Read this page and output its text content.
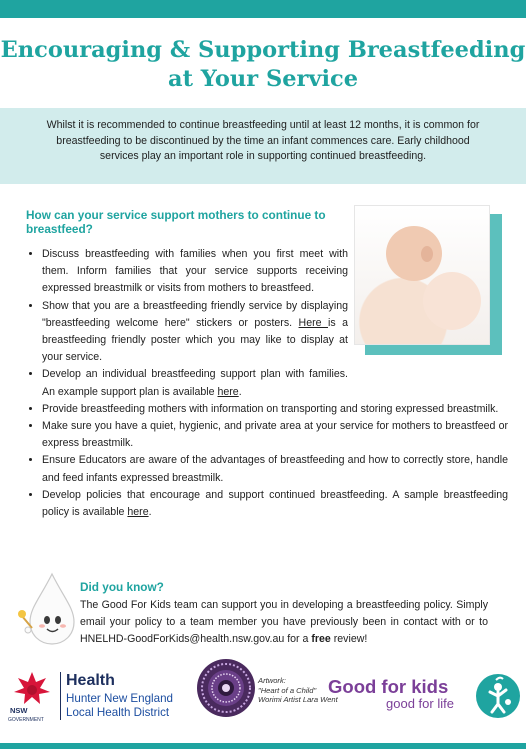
Encouraging & Supporting Breastfeeding at Your Service
Whilst it is recommended to continue breastfeeding until at least 12 months, it is common for breastfeeding to be discontinued by the time an infant commences care. Early childhood services play an important role in supporting continued breastfeeding.
How can your service support mothers to continue to breastfeed?
• Discuss breastfeeding with families when you first meet with them. Inform families that your service supports receiving expressed breastmilk or visits from mothers to breastfeed.
• Show that you are a breastfeeding friendly service by displaying "breastfeeding welcome here" stickers or posters. Here is a breastfeeding friendly poster which you may like to display at your service.
• Develop an individual breastfeeding support plan with families. An example support plan is available here.
• Provide breastfeeding mothers with information on transporting and storing expressed breastmilk.
• Make sure you have a quiet, hygienic, and private area at your service for mothers to breastfeed or express breastmilk.
• Ensure Educators are aware of the advantages of breastfeeding and how to correctly store, handle and feed infants expressed breastmilk.
• Develop policies that encourage and support continued breastfeeding. A sample breastfeeding policy is available here.
Did you know?
The Good For Kids team can support you in developing a breastfeeding policy. Simply email your policy to a team member you have previously been in contact with or to HNELHD-GoodForKids@health.nsw.gov.au for a free review!
NSW
GOVERNMENT
Health
Hunter New England
Local Health District
Artwork:
"Heart of a Child"
Worimi Artist Lara Went
Good for kids
good for life
